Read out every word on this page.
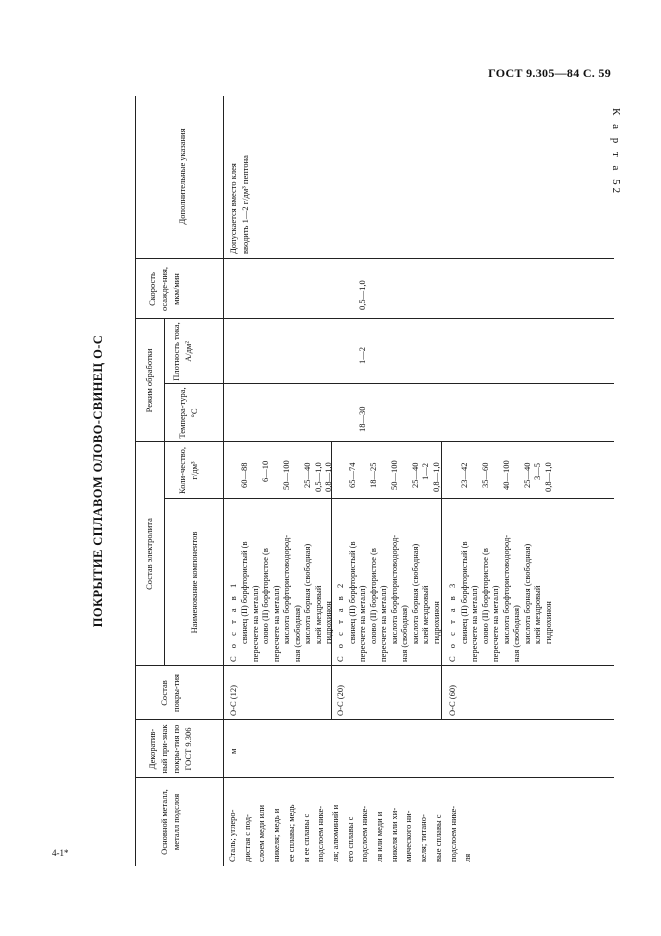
ГОСТ 9.305—84 С. 59
К а р т а 52
4-1*
ПОКРЫТИЕ СПЛАВОМ ОЛОВО-СВИНЕЦ О-С
Основной металл, металл подслоя
Декоратив-ный при-знак покры-тия по ГОСТ 9.306
Состав покры-тия
Состав электролита	Наименование компонентов
Коли-чество, г/дм³
Режим обработки
Темпера-тура, °С
Плотность тока, А/дм²
Скорость осажде-ния, мкм/мин
Дополнительные указания
Сталь; углеро- дистая с под- слоем меди или никеля; медь и ее сплавы; медь и ее сплавы с подслоем нике- ля; алюминий и его сплавы с подслоем нике- ля или меди и никеля или хи- мического ни- келя; титано- вые сплавы с подслоем нике- ля
м
О-С (12)
С о с т а в 1 свинец (II) борфтористый (в пересчете на металл) олово (II) борфтористое (в пересчете на металл) кислота борфтористоводород- ная (свободная) кислота борная (свободная) клей мездровый гидрохинон
60—88 6—10 50—100 25—40 0,5—1,0 0,8—1,0
О-С (20)
С о с т а в 2 свинец (II) борфтористый (в пересчете на металл) олово (II) борфтористое (в пересчете на металл) кислота борфтористоводород- ная (свободная) кислота борная (свободная) клей мездровый гидрохинон
65—74 18—25 50—100 25—40 1—2 0,8—1,0
О-С (60)
С о с т а в 3 свинец (II) борфтористый (в пересчете на металл) олово (II) борфтористое (в пересчете на металл) кислота борфтористоводород- ная (свободная) кислота борная (свободная) клей мездровый гидрохинон
23—42 35—60 40—100 25—40 3—5 0,8—1,0
18—30
1—2
0,5—1,0
Допускается вместо клея вводить 1—2 г/дм³ пептона
